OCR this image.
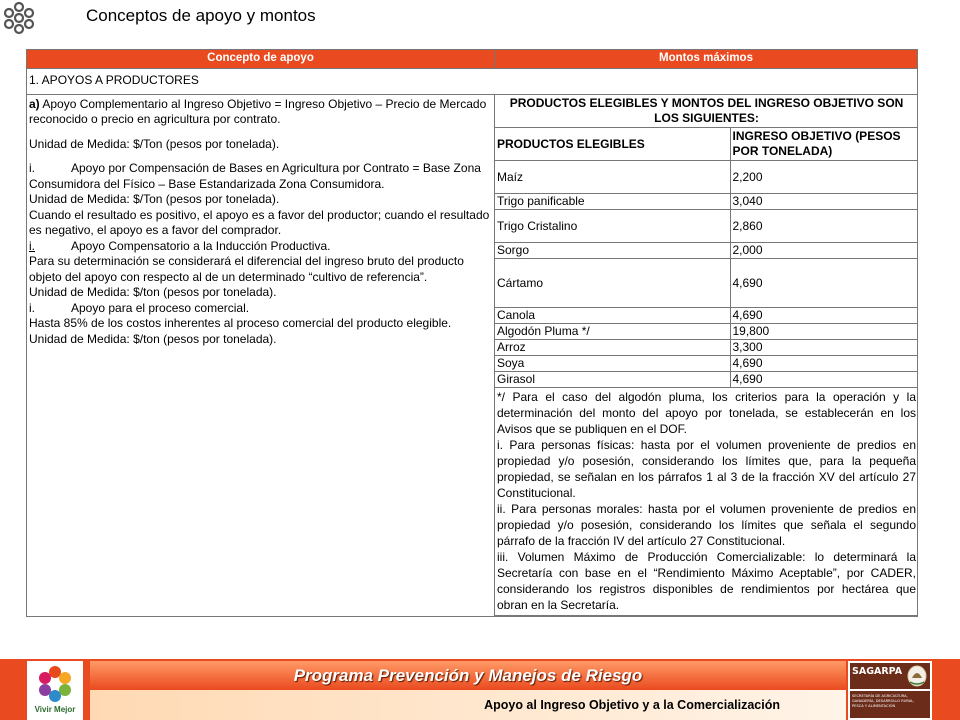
Conceptos de apoyo y montos
Concepto de apoyo	Montos máximos
1. APOYOS A PRODUCTORES

a) Apoyo Complementario al Ingreso Objetivo = Ingreso Objetivo – Precio de Mercado reconocido o precio en agricultura por contrato.

Unidad de Medida: $/Ton (pesos por tonelada).

i.	Apoyo por Compensación de Bases en Agricultura por Contrato = Base Zona Consumidora del Físico – Base Estandarizada Zona Consumidora.

Unidad de Medida: $/Ton (pesos por tonelada).

Cuando el resultado es positivo, el apoyo es a favor del productor; cuando el resultado es negativo, el apoyo es a favor del comprador.

i.	Apoyo Compensatorio a la Inducción Productiva.

Para su determinación se considerará el diferencial del ingreso bruto del producto objeto del apoyo con respecto al de un determinado “cultivo de referencia”.

Unidad de Medida: $/ton (pesos por tonelada).

i.	Apoyo para el proceso comercial.

Hasta 85% de los costos inherentes al proceso comercial del producto elegible.

Unidad de Medida: $/ton (pesos por tonelada).

PRODUCTOS ELEGIBLES Y MONTOS DEL INGRESO OBJETIVO SON LOS SIGUIENTES:
PRODUCTOS ELEGIBLES	INGRESO OBJETIVO (PESOS POR TONELADA)
Maíz	2,200
Trigo panificable	3,040
Trigo Cristalino	2,860
Sorgo	2,000
Cártamo	4,690
Canola	4,690
Algodón Pluma */	19,800
Arroz	3,300
Soya	4,690
Girasol	4,690

*/ Para el caso del algodón pluma, los criterios para la operación y la determinación del monto del apoyo por tonelada, se establecerán en los Avisos que se publiquen en el DOF.

i. Para personas físicas: hasta por el volumen proveniente de predios en propiedad y/o posesión, considerando los límites que, para la pequeña propiedad, se señalan en los párrafos 1 al 3 de la fracción XV del artículo 27 Constitucional.

ii. Para personas morales: hasta por el volumen proveniente de predios en propiedad y/o posesión, considerando los límites que señala el segundo párrafo de la fracción IV del artículo 27 Constitucional.

iii. Volumen Máximo de Producción Comercializable: lo determinará la Secretaría con base en el “Rendimiento Máximo Aceptable”, por CADER, considerando los registros disponibles de rendimientos por hectárea que obran en la Secretaría.

Vivir Mejor
Programa Prevención y Manejos de Riesgo
Apoyo al Ingreso Objetivo y a la Comercialización
SAGARPA
SECRETARÍA DE AGRICULTURA,
GANADERÍA, DESARROLLO RURAL,
PESCA Y ALIMENTACIÓN
